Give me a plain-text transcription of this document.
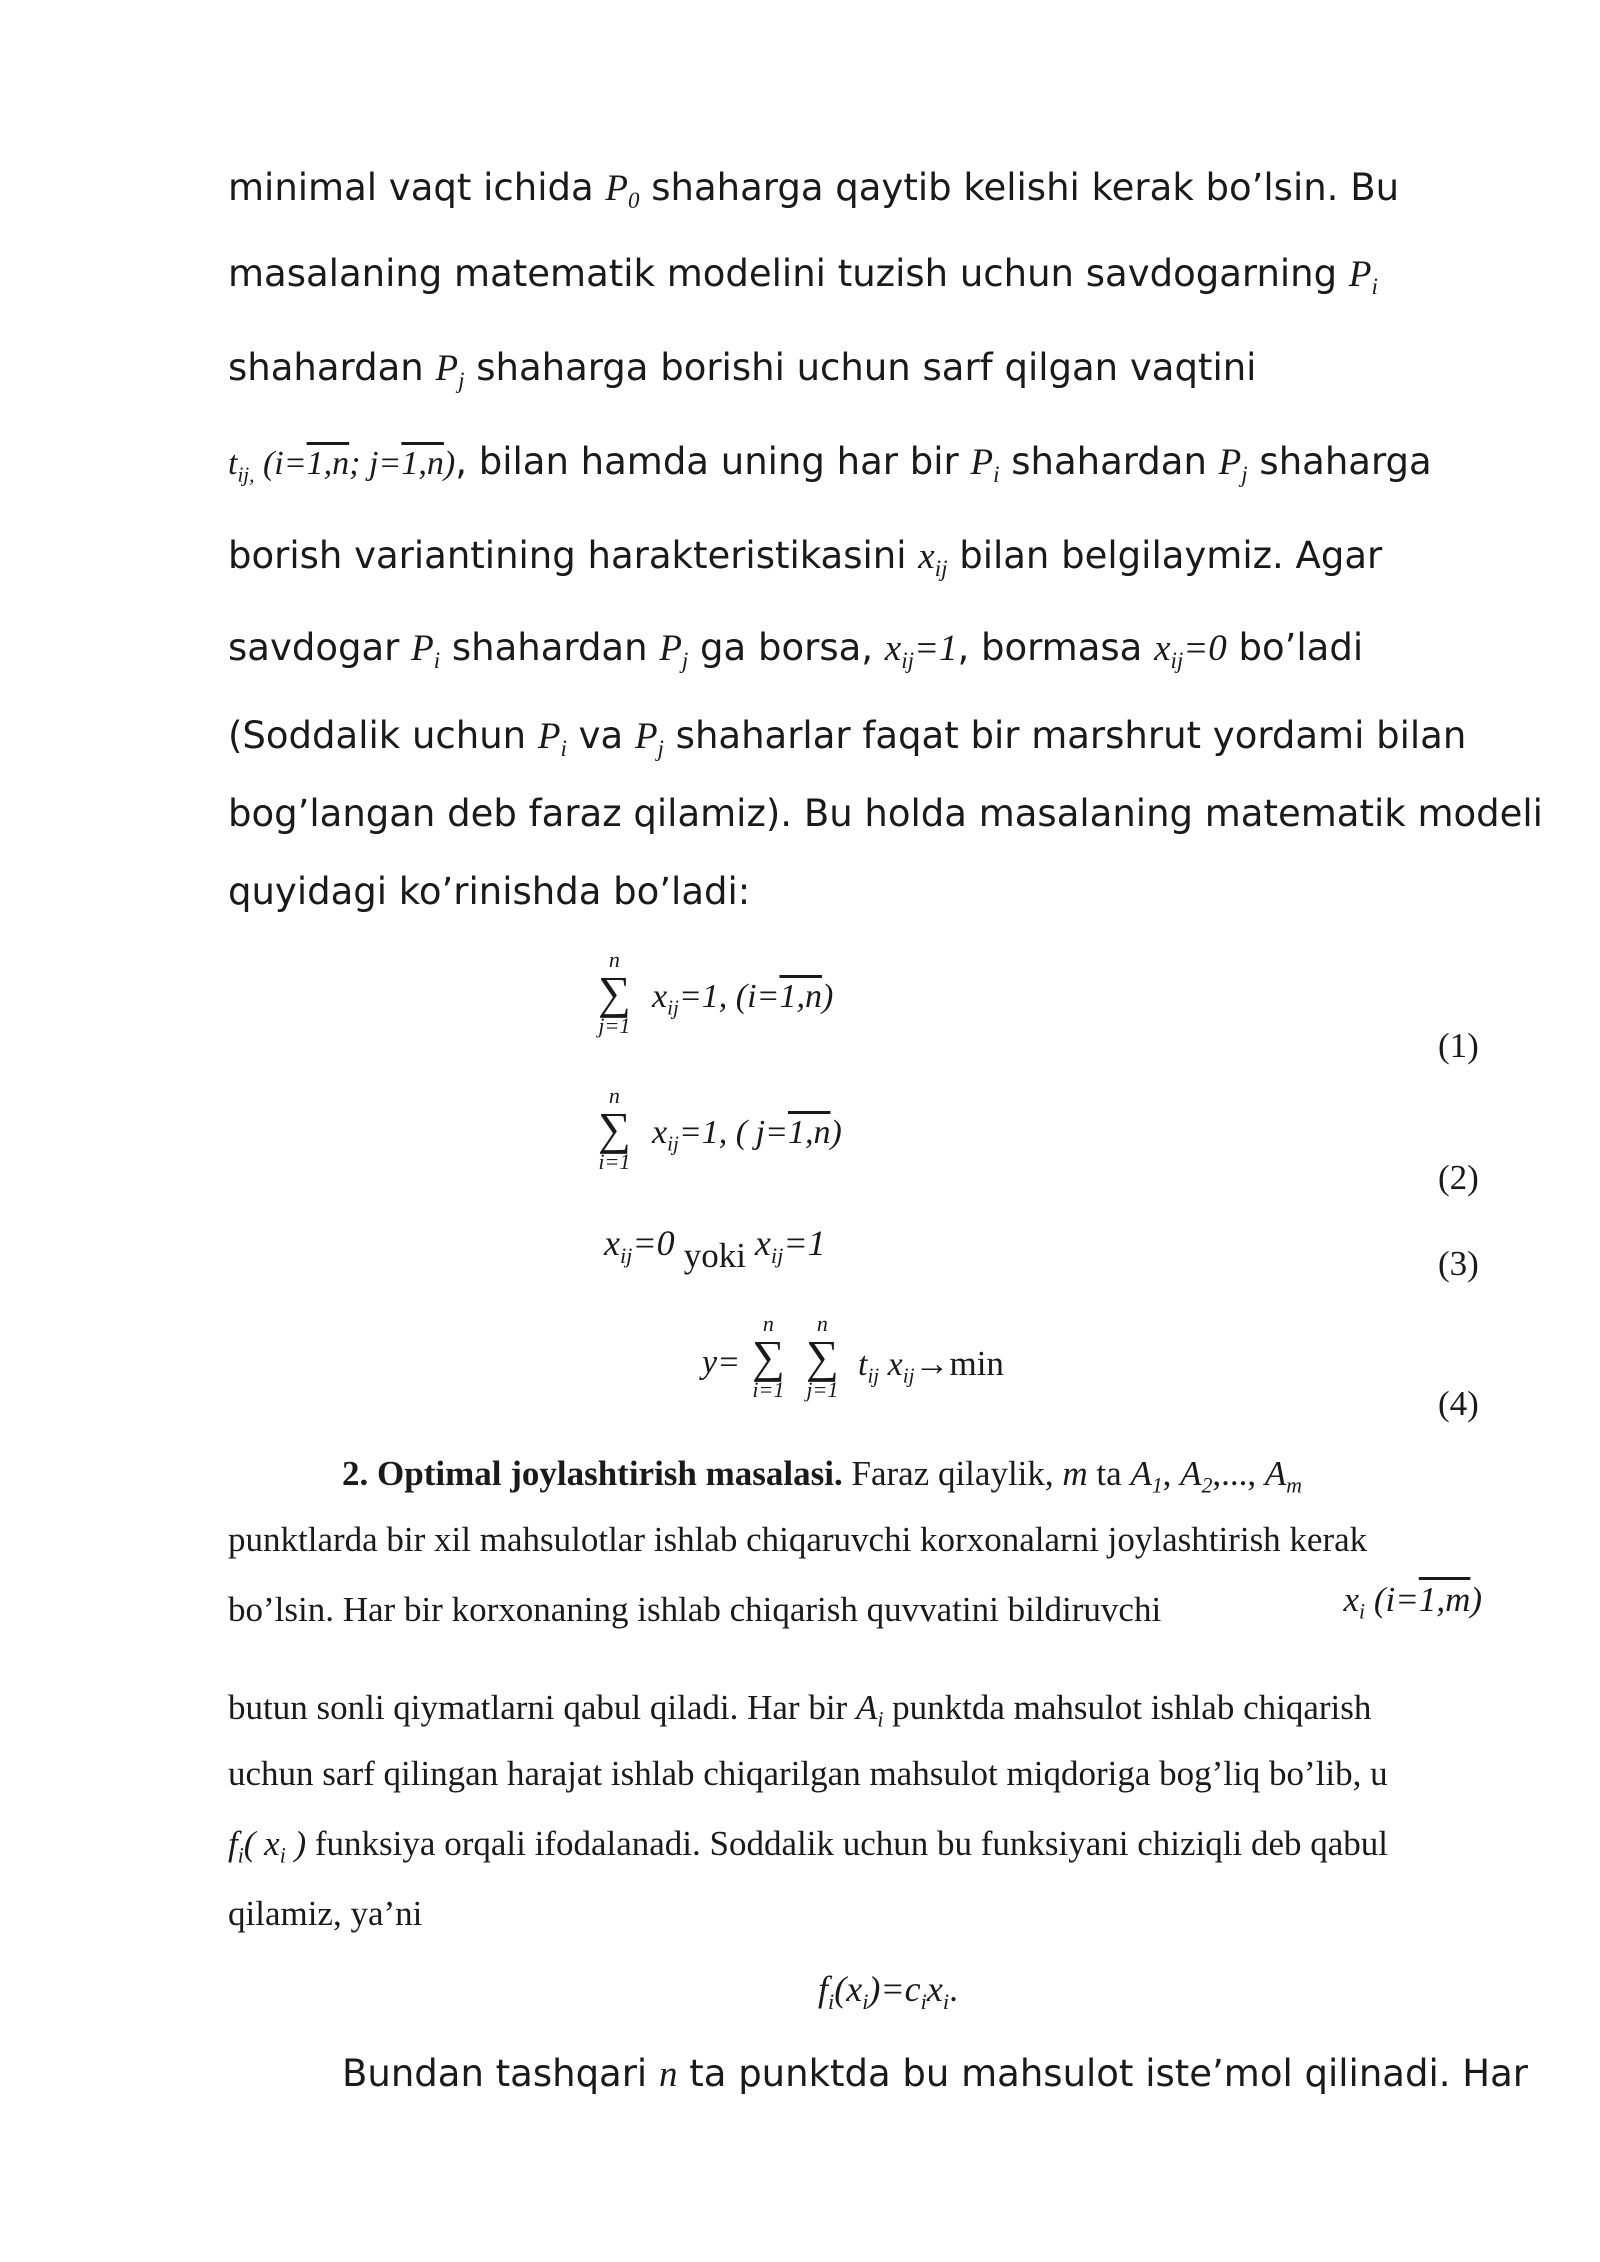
minimal vaqt ichida $P_0$ shaharga qaytib kelishi kerak bo’lsin. Bu
masalaning matematik modelini tuzish uchun savdogarning $P_i$
shahardan $P_j$ shaharga borishi uchun sarf qilgan vaqtini
$t_{ij,}$ (i=1,n; j=1,n), bilan hamda uning har bir $P_i$ shahardan $P_j$ shaharga
borish variantining harakteristikasini $x_{ij}$ bilan belgilaymiz. Agar
savdogar $P_i$ shahardan $P_j$ ga borsa, $x_{ij}=1$, bormasa $x_{ij}=0$ bo’ladi
(Soddalik uchun $P_i$ va $P_j$ shaharlar faqat bir marshrut yordami bilan
bog’langan deb faraz qilamiz). Bu holda masalaning matematik modeli
quyidagi ko’rinishda bo’ladi:
n
∑
j=1
$x_{ij}=1$, (i=1,n)
(1)
n
∑
i=1
$x_{ij}=1$, ( j=1,n)
(2)
$x_{ij}=0$ yoki $x_{ij}=1$
(3)
y=
n
∑
i=1
n
∑
j=1
$t_{ij}$ $x_{ij}\to\min$
(4)
2. Optimal joylashtirish masalasi. Faraz qilaylik, m ta $A_1$, $A_2$,..., $A_m$
punktlarda bir xil mahsulotlar ishlab chiqaruvchi korxonalarni joylashtirish kerak
bo’lsin. Har bir korxonaning ishlab chiqarish quvvatini bildiruvchi	$x_i$ (i=1,m)
butun sonli qiymatlarni qabul qiladi. Har bir $A_i$ punktda mahsulot ishlab chiqarish
uchun sarf qilingan harajat ishlab chiqarilgan mahsulot miqdoriga bog’liq bo’lib, u
$f_i$( $x_i$ ) funksiya orqali ifodalanadi. Soddalik uchun bu funksiyani chiziqli deb qabul
qilamiz, ya’ni
$f_i(x_i)=c_ix_i$.
Bundan tashqari n ta punktda bu mahsulot iste’mol qilinadi. Har
